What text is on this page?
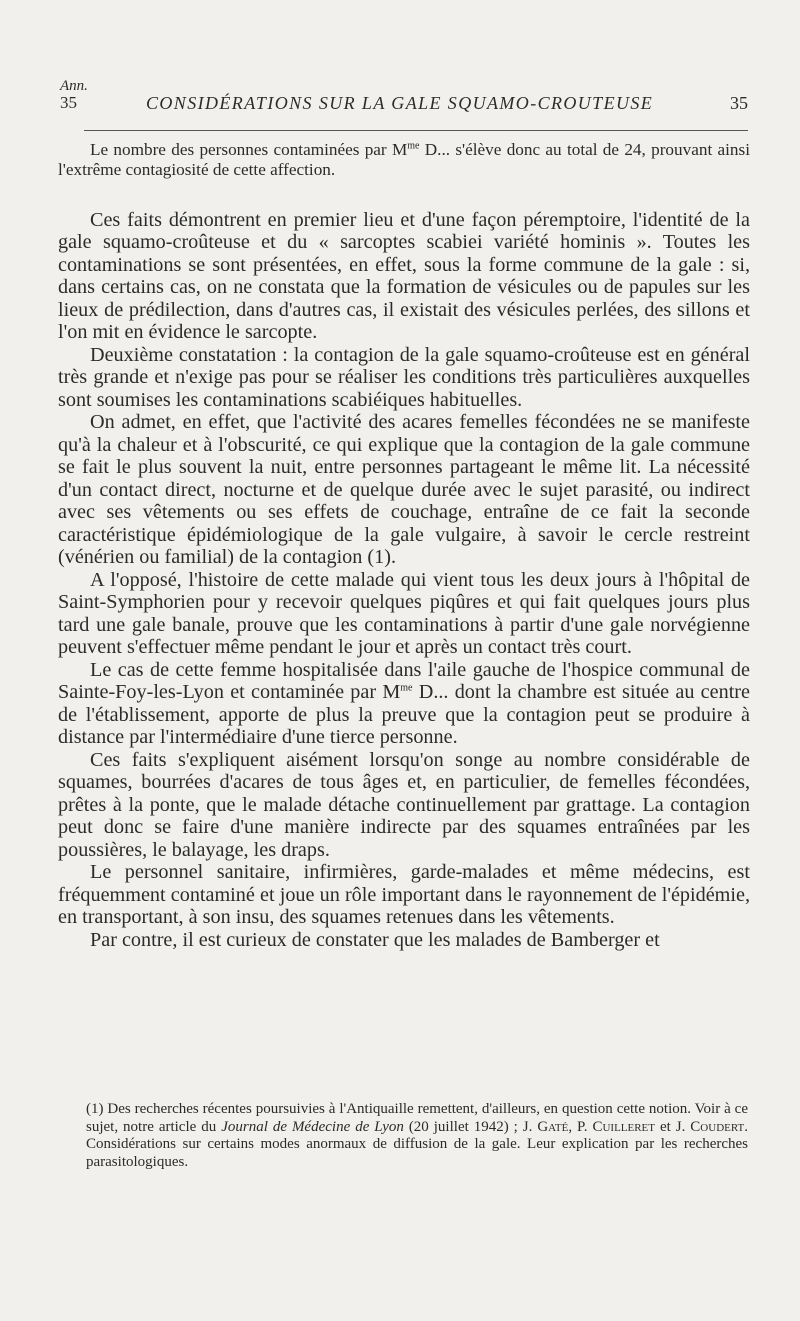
Ann.
35	CONSIDÉRATIONS SUR LA GALE SQUAMO-CROUTEUSE	35

Le nombre des personnes contaminées par $M^{me}$ D... s'élève donc au total de 24, prouvant ainsi l'extrême contagiosité de cette affection.

Ces faits démontrent en premier lieu et d'une façon péremptoire, l'identité de la gale squamo-croûteuse et du « sarcoptes scabiei variété hominis ». Toutes les contaminations se sont présentées, en effet, sous la forme commune de la gale : si, dans certains cas, on ne constata que la formation de vésicules ou de papules sur les lieux de prédilection, dans d'autres cas, il existait des vésicules perlées, des sillons et l'on mit en évidence le sarcopte.

Deuxième constatation : la contagion de la gale squamo-croûteuse est en général très grande et n'exige pas pour se réaliser les conditions très particulières auxquelles sont soumises les contaminations scabiéiques habituelles.

On admet, en effet, que l'activité des acares femelles fécondées ne se manifeste qu'à la chaleur et à l'obscurité, ce qui explique que la contagion de la gale commune se fait le plus souvent la nuit, entre personnes partageant le même lit. La nécessité d'un contact direct, nocturne et de quelque durée avec le sujet parasité, ou indirect avec ses vêtements ou ses effets de couchage, entraîne de ce fait la seconde caractéristique épidémiologique de la gale vulgaire, à savoir le cercle restreint (vénérien ou familial) de la contagion (1).

A l'opposé, l'histoire de cette malade qui vient tous les deux jours à l'hôpital de Saint-Symphorien pour y recevoir quelques piqûres et qui fait quelques jours plus tard une gale banale, prouve que les contaminations à partir d'une gale norvégienne peuvent s'effectuer même pendant le jour et après un contact très court.

Le cas de cette femme hospitalisée dans l'aile gauche de l'hospice communal de Sainte-Foy-les-Lyon et contaminée par $M^{me}$ D... dont la chambre est située au centre de l'établissement, apporte de plus la preuve que la contagion peut se produire à distance par l'intermédiaire d'une tierce personne.

Ces faits s'expliquent aisément lorsqu'on songe au nombre considérable de squames, bourrées d'acares de tous âges et, en particulier, de femelles fécondées, prêtes à la ponte, que le malade détache continuellement par grattage. La contagion peut donc se faire d'une manière indirecte par des squames entraînées par les poussières, le balayage, les draps.

Le personnel sanitaire, infirmières, garde-malades et même médecins, est fréquemment contaminé et joue un rôle important dans le rayonnement de l'épidémie, en transportant, à son insu, des squames retenues dans les vêtements.

Par contre, il est curieux de constater que les malades de Bamberger et

(1) Des recherches récentes poursuivies à l'Antiquaille remettent, d'ailleurs, en question cette notion. Voir à ce sujet, notre article du Journal de Médecine de Lyon (20 juillet 1942) ; J. Gaté, P. Cuilleret et J. Coudert. Considérations sur certains modes anormaux de diffusion de la gale. Leur explication par les recherches parasitologiques.
